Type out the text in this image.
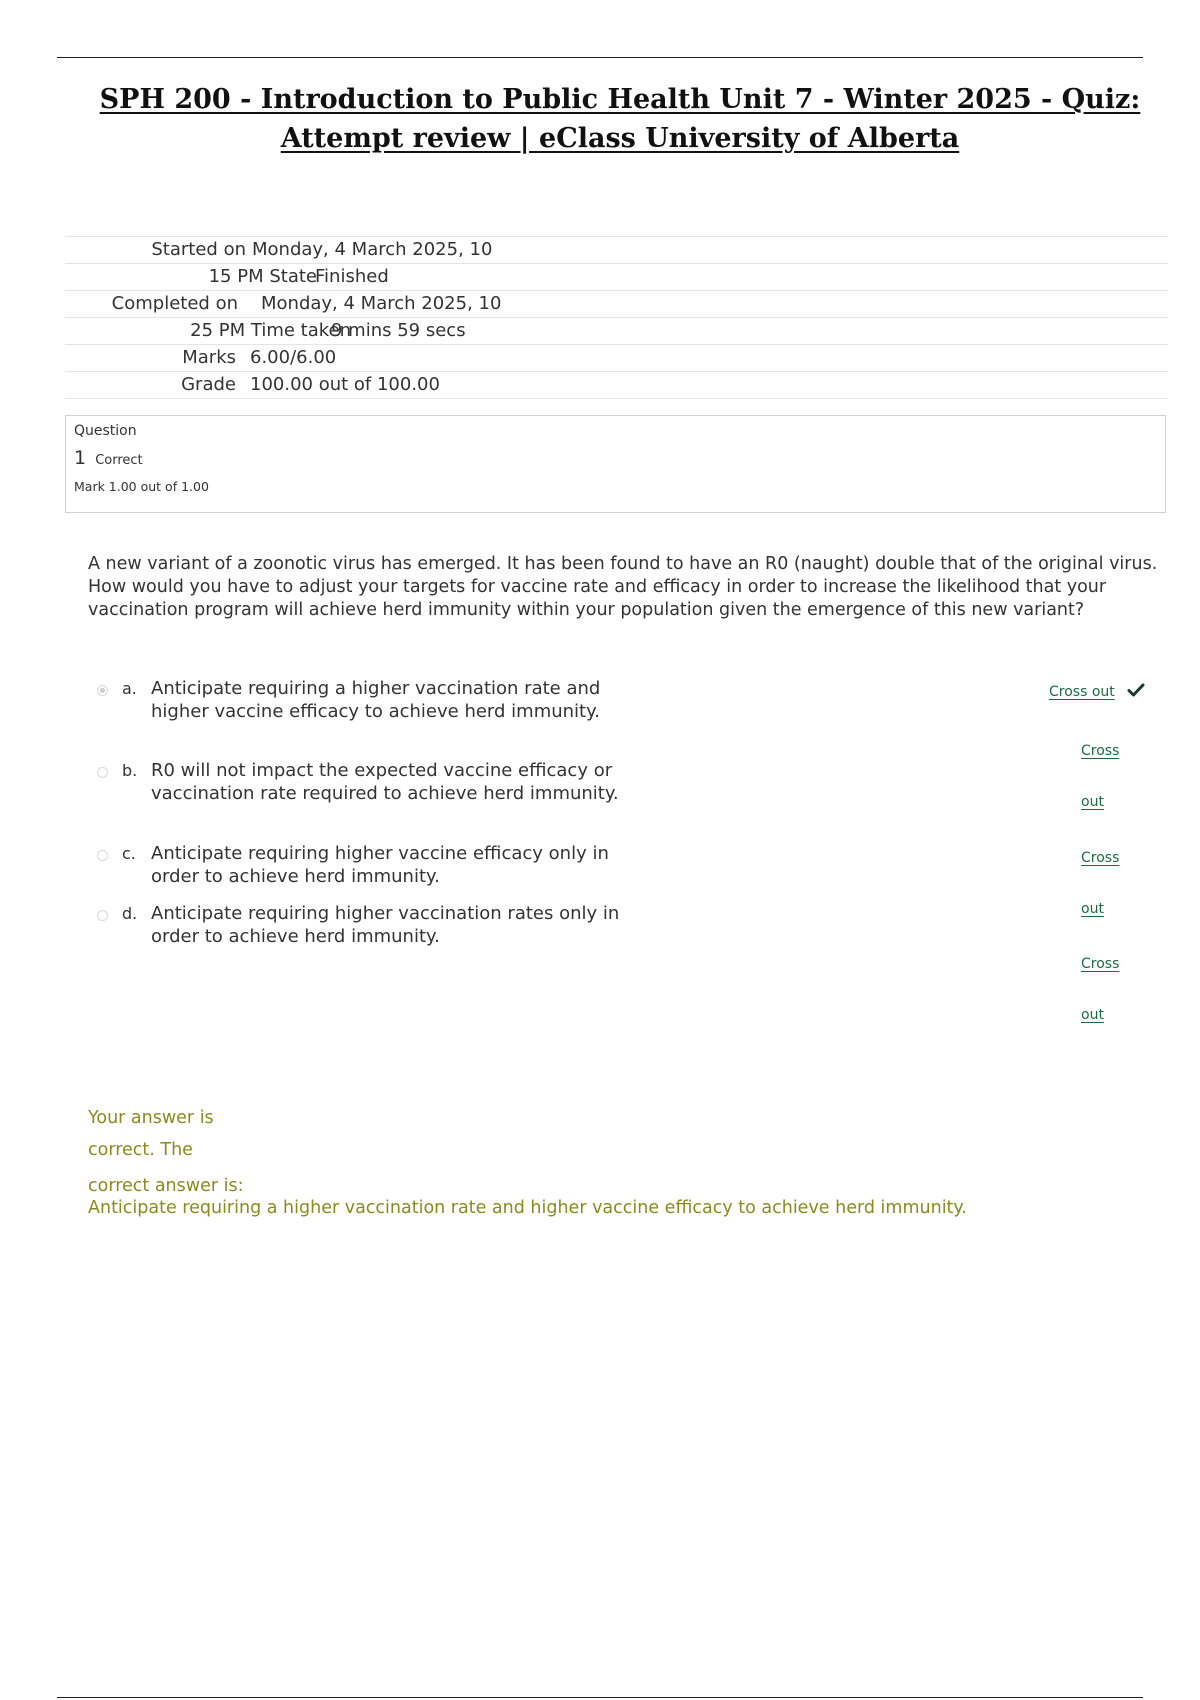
SPH 200 - Introduction to Public Health Unit 7 - Winter 2025 - Quiz: Attempt review | eClass University of Alberta
Started on Monday, 4 March 2025, 10
15 PM State
Finished
Completed on Monday, 4 March 2025, 10
25 PM Time taken
9 mins 59 secs
Marks 6.00/6.00
Grade 100.00 out of 100.00
Question
1 Correct
Mark 1.00 out of 1.00

A new variant of a zoonotic virus has emerged. It has been found to have an R0 (naught) double that of the original virus. How would you have to adjust your targets for vaccine rate and efficacy in order to increase the likelihood that your vaccination program will achieve herd immunity within your population given the emergence of this new variant?

a. Anticipate requiring a higher vaccination rate and higher vaccine efficacy to achieve herd immunity.
b. R0 will not impact the expected vaccine efficacy or vaccination rate required to achieve herd immunity.
c. Anticipate requiring higher vaccine efficacy only in order to achieve herd immunity.
d. Anticipate requiring higher vaccination rates only in order to achieve herd immunity.
Cross out
Cross
out
Cross
out
Cross
out
Your answer is
correct. The
correct answer is:
Anticipate requiring a higher vaccination rate and higher vaccine efficacy to achieve herd immunity.
